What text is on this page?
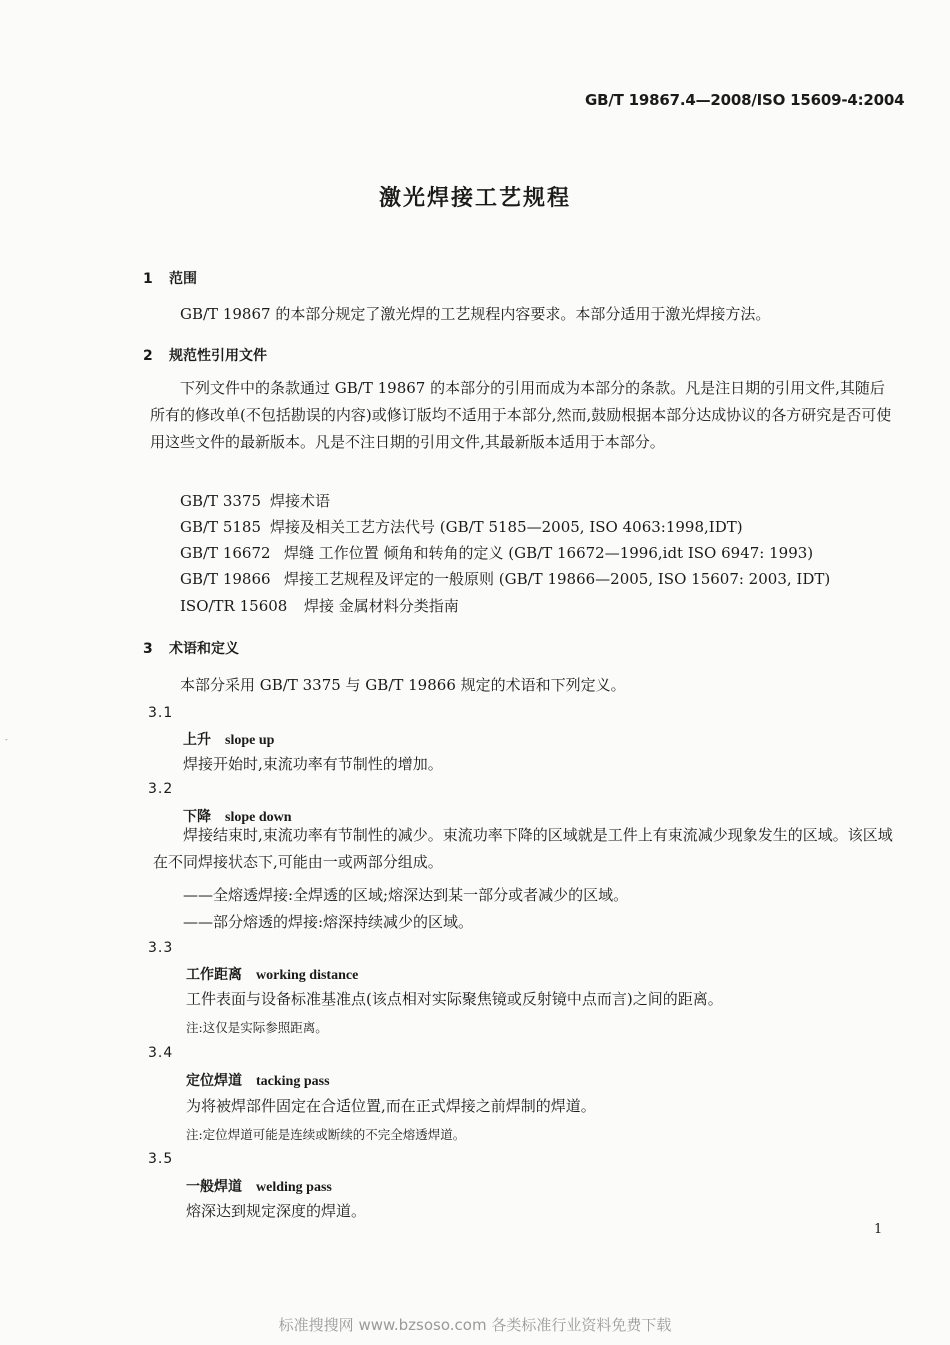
GB/T 19867.4—2008/ISO 15609-4:2004
激光焊接工艺规程
1 范围
GB/T 19867 的本部分规定了激光焊的工艺规程内容要求。本部分适用于激光焊接方法。
2 规范性引用文件
下列文件中的条款通过 GB/T 19867 的本部分的引用而成为本部分的条款。凡是注日期的引用文件,其随后所有的修改单(不包括勘误的内容)或修订版均不适用于本部分,然而,鼓励根据本部分达成协议的各方研究是否可使用这些文件的最新版本。凡是不注日期的引用文件,其最新版本适用于本部分。
GB/T 3375 焊接术语
GB/T 5185 焊接及相关工艺方法代号 (GB/T 5185—2005, ISO 4063:1998,IDT)
GB/T 16672 焊缝 工作位置 倾角和转角的定义 (GB/T 16672—1996,idt ISO 6947: 1993)
GB/T 19866 焊接工艺规程及评定的一般原则 (GB/T 19866—2005, ISO 15607: 2003, IDT)
ISO/TR 15608 焊接 金属材料分类指南
3 术语和定义
本部分采用 GB/T 3375 与 GB/T 19866 规定的术语和下列定义。
3.1
上升 slope up
焊接开始时,束流功率有节制性的增加。
3.2
下降 slope down
焊接结束时,束流功率有节制性的减少。束流功率下降的区域就是工件上有束流减少现象发生的区域。该区域在不同焊接状态下,可能由一或两部分组成。
——全熔透焊接:全焊透的区域;熔深达到某一部分或者减少的区域。
——部分熔透的焊接:熔深持续减少的区域。
3.3
工作距离 working distance
工件表面与设备标准基准点(该点相对实际聚焦镜或反射镜中点而言)之间的距离。
注:这仅是实际参照距离。
3.4
定位焊道 tacking pass
为将被焊部件固定在合适位置,而在正式焊接之前焊制的焊道。
注:定位焊道可能是连续或断续的不完全熔透焊道。
3.5
一般焊道 welding pass
熔深达到规定深度的焊道。
1
-
标准搜搜网 www.bzsoso.com 各类标准行业资料免费下载
